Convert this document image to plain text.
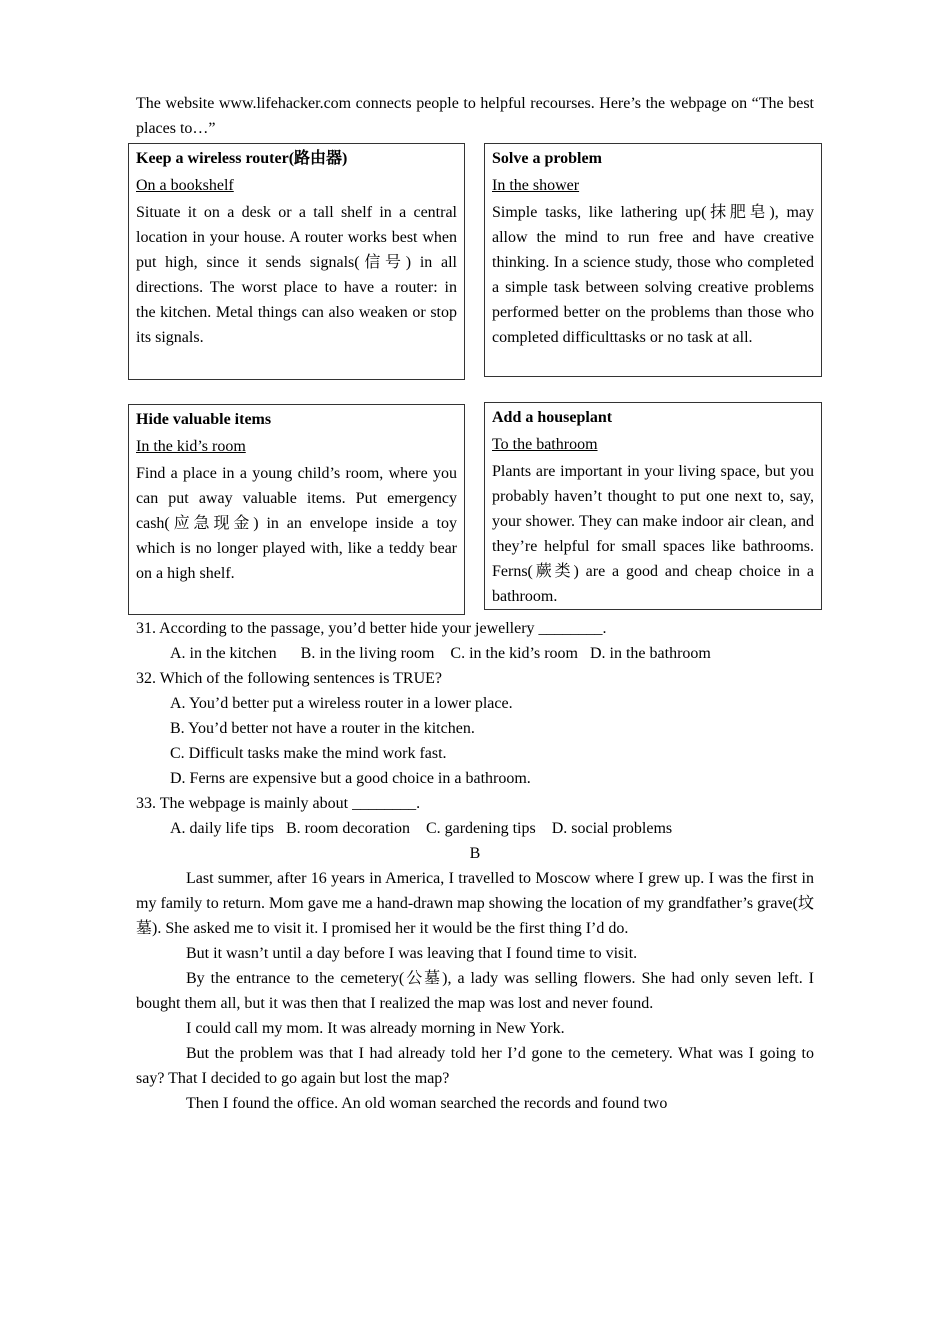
The website www.lifehacker.com connects people to helpful recourses. Here’s the webpage on “The best places to…”
Keep a wireless router(路由器)
On a bookshelf
Situate it on a desk or a tall shelf in a central location in your house. A router works best when put high, since it sends signals(信号) in all directions. The worst place to have a router: in the kitchen. Metal things can also weaken or stop its signals.
Solve a problem
In the shower
Simple tasks, like lathering up(抹肥皂), may allow the mind to run free and have creative thinking. In a science study, those who completed a simple task between solving creative problems performed better on the problems than those who completed difficulttasks or no task at all.
Hide valuable items
In the kid’s room
Find a place in a young child’s room, where you can put away valuable items. Put emergency cash(应急现金) in an envelope inside a toy which is no longer played with, like a teddy bear on a high shelf.
Add a houseplant
To the bathroom
Plants are important in your living space, but you probably haven’t thought to put one next to, say, your shower. They can make indoor air clean, and they’re helpful for small spaces like bathrooms. Ferns(蕨类) are a good and cheap choice in a bathroom.
31. According to the passage, you’d better hide your jewellery ________.
A. in the kitchen      B. in the living room    C. in the kid’s room   D. in the bathroom
32. Which of the following sentences is TRUE?
A. You’d better put a wireless router in a lower place.
B. You’d better not have a router in the kitchen.
C. Difficult tasks make the mind work fast.
D. Ferns are expensive but a good choice in a bathroom.
33. The webpage is mainly about ________.
A. daily life tips   B. room decoration    C. gardening tips    D. social problems
B
Last summer, after 16 years in America, I travelled to Moscow where I grew up. I was the first in my family to return. Mom gave me a hand-drawn map showing the location of my grandfather’s grave(坟墓). She asked me to visit it. I promised her it would be the first thing I’d do.
But it wasn’t until a day before I was leaving that I found time to visit.
By the entrance to the cemetery(公墓), a lady was selling flowers. She had only seven left. I bought them all, but it was then that I realized the map was lost and never found.
I could call my mom. It was already morning in New York.
But the problem was that I had already told her I’d gone to the cemetery. What was I going to say? That I decided to go again but lost the map?
Then I found the office. An old woman searched the records and found two
